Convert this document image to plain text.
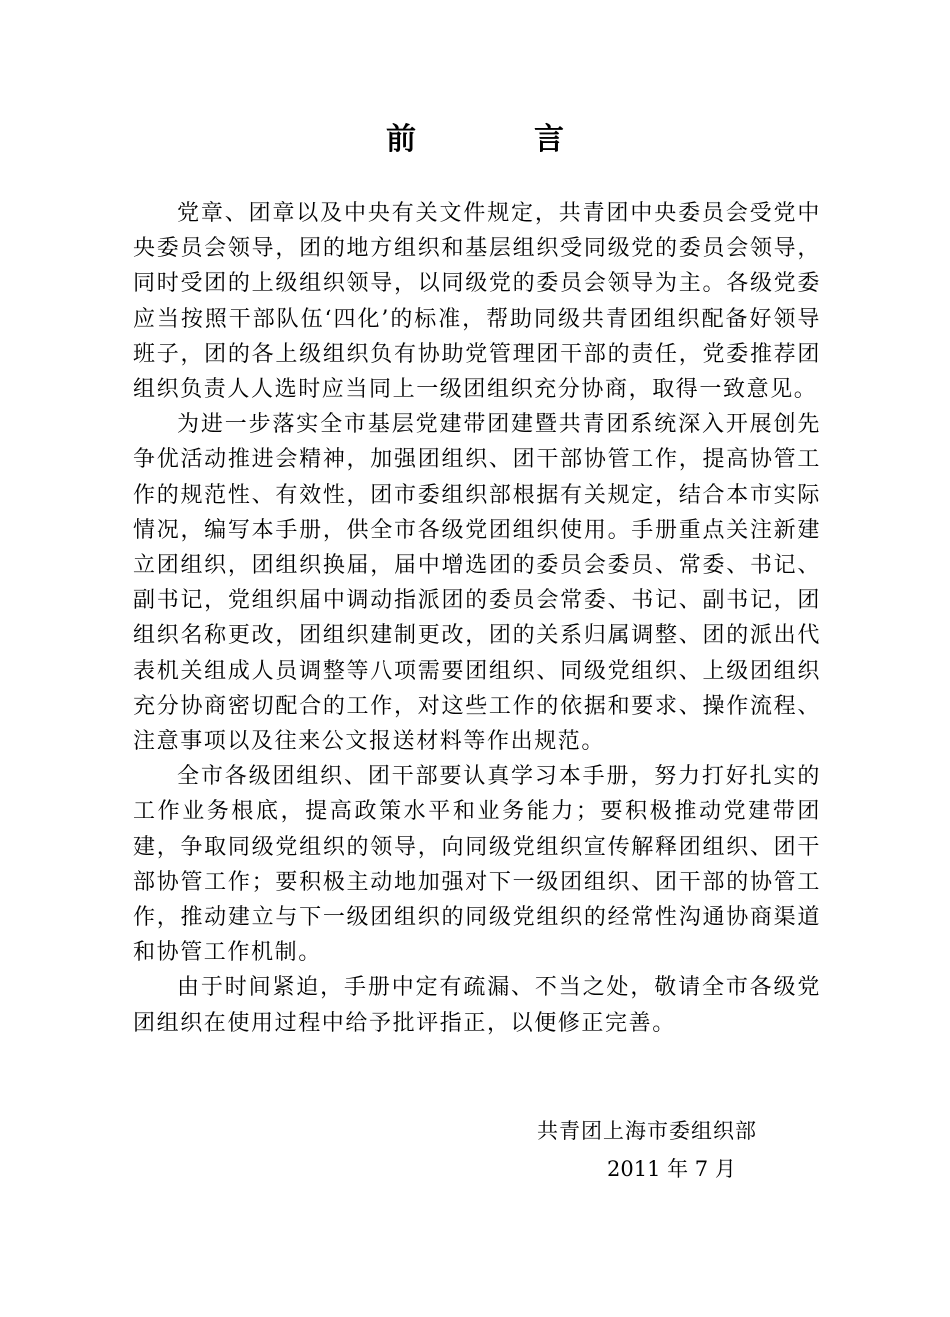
前　言

党章、团章以及中央有关文件规定，共青团中央委员会受党中央委员会领导，团的地方组织和基层组织受同级党的委员会领导，同时受团的上级组织领导，以同级党的委员会领导为主。各级党委应当按照干部队伍‘四化’的标准，帮助同级共青团组织配备好领导班子，团的各上级组织负有协助党管理团干部的责任，党委推荐团组织负责人人选时应当同上一级团组织充分协商，取得一致意见。

为进一步落实全市基层党建带团建暨共青团系统深入开展创先争优活动推进会精神，加强团组织、团干部协管工作，提高协管工作的规范性、有效性，团市委组织部根据有关规定，结合本市实际情况，编写本手册，供全市各级党团组织使用。手册重点关注新建立团组织，团组织换届，届中增选团的委员会委员、常委、书记、副书记，党组织届中调动指派团的委员会常委、书记、副书记，团组织名称更改，团组织建制更改，团的关系归属调整、团的派出代表机关组成人员调整等八项需要团组织、同级党组织、上级团组织充分协商密切配合的工作，对这些工作的依据和要求、操作流程、注意事项以及往来公文报送材料等作出规范。

全市各级团组织、团干部要认真学习本手册，努力打好扎实的工作业务根底，提高政策水平和业务能力；要积极推动党建带团建，争取同级党组织的领导，向同级党组织宣传解释团组织、团干部协管工作；要积极主动地加强对下一级团组织、团干部的协管工作，推动建立与下一级团组织的同级党组织的经常性沟通协商渠道和协管工作机制。

由于时间紧迫，手册中定有疏漏、不当之处，敬请全市各级党团组织在使用过程中给予批评指正，以便修正完善。

共青团上海市委组织部
2011 年 7 月
